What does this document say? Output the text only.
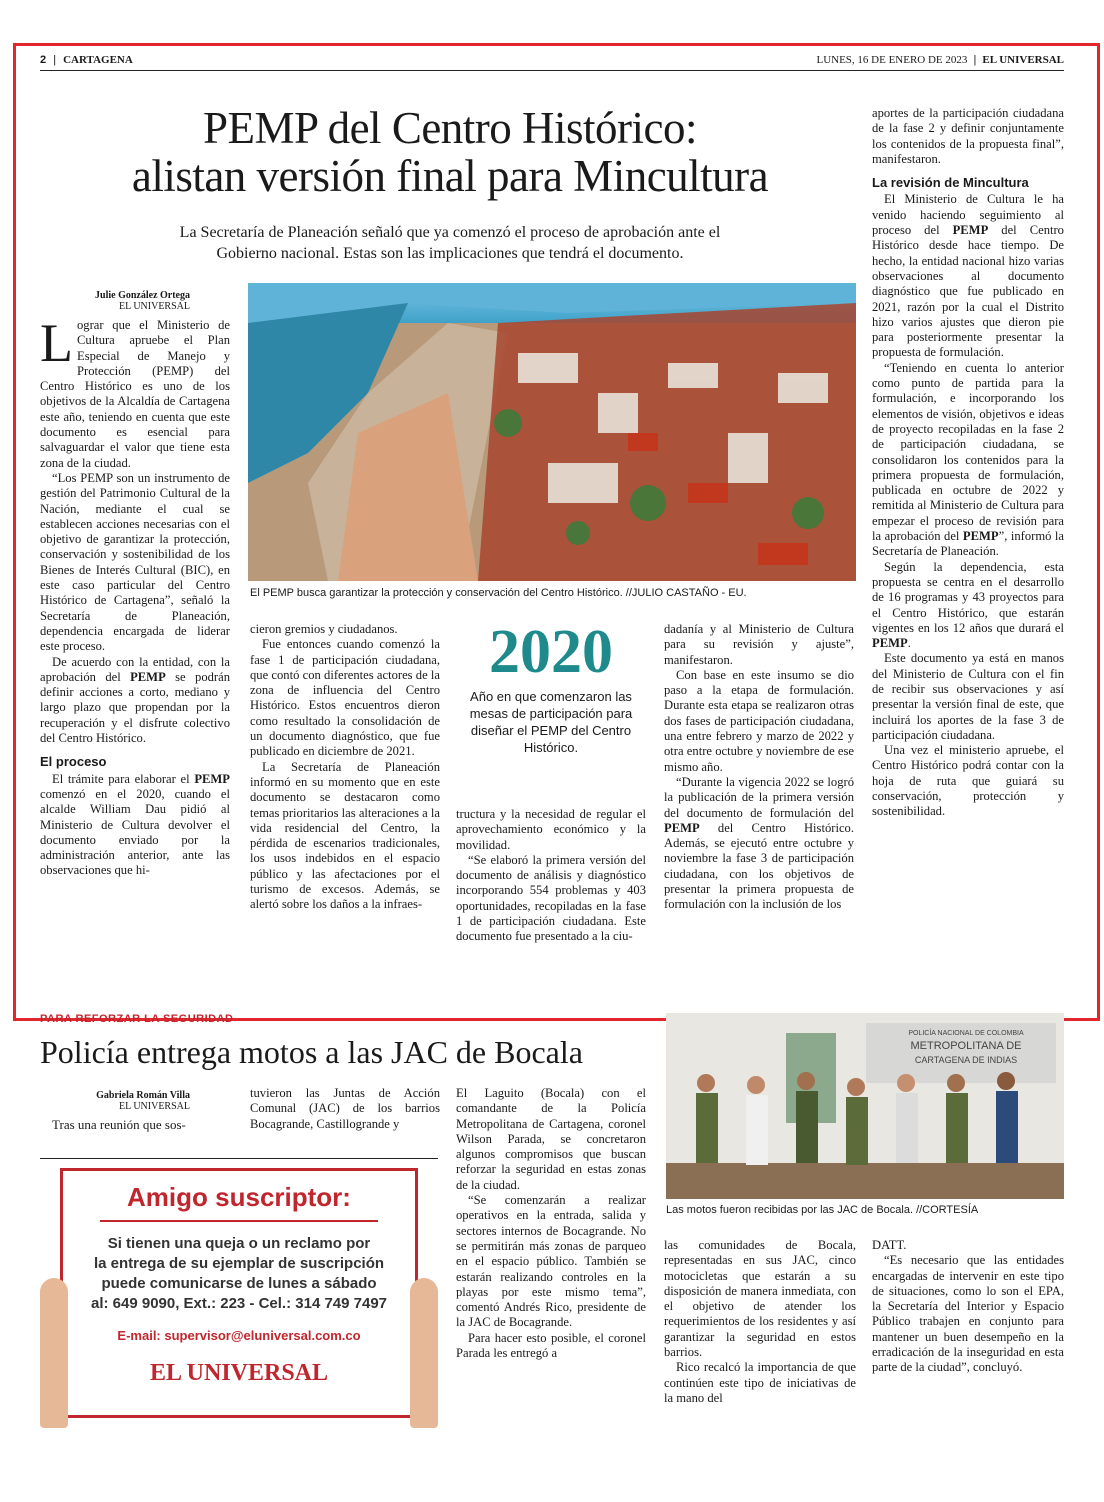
2 | CARTAGENA	LUNES, 16 DE ENERO DE 2023 | EL UNIVERSAL
PEMP del Centro Histórico:
alistan versión final para Mincultura
La Secretaría de Planeación señaló que ya comenzó el proceso de aprobación ante el
Gobierno nacional. Estas son las implicaciones que tendrá el documento.
Julie González Ortega
EL UNIVERSAL

Lograr que el Ministerio de Cultura apruebe el Plan Especial de Manejo y Protección (PEMP) del Centro Histórico es uno de los objetivos de la Alcaldía de Cartagena este año, teniendo en cuenta que este documento es esencial para salvaguardar el valor que tiene esta zona de la ciudad.

“Los PEMP son un instrumento de gestión del Patrimonio Cultural de la Nación, mediante el cual se establecen acciones necesarias con el objetivo de garantizar la protección, conservación y sostenibilidad de los Bienes de Interés Cultural (BIC), en este caso particular del Centro Histórico de Cartagena”, señaló la Secretaría de Planeación, dependencia encargada de liderar este proceso.

De acuerdo con la entidad, con la aprobación del PEMP se podrán definir acciones a corto, mediano y largo plazo que propendan por la recuperación y el disfrute colectivo del Centro Histórico.

El proceso

El trámite para elaborar el PEMP comenzó en el 2020, cuando el alcalde William Dau pidió al Ministerio de Cultura devolver el documento enviado por la administración anterior, ante las observaciones que hi-

El PEMP busca garantizar la protección y conservación del Centro Histórico. //JULIO CASTAÑO - EU.

cieron gremios y ciudadanos.

Fue entonces cuando comenzó la fase 1 de participación ciudadana, que contó con diferentes actores de la zona de influencia del Centro Histórico. Estos encuentros dieron como resultado la consolidación de un documento diagnóstico, que fue publicado en diciembre de 2021.

La Secretaría de Planeación informó en su momento que en este documento se destacaron como temas prioritarios las alteraciones a la vida residencial del Centro, la pérdida de escenarios tradicionales, los usos indebidos en el espacio público y las afectaciones por el turismo de excesos. Además, se alertó sobre los daños a la infraes-

2020
Año en que comenzaron las mesas de participación para diseñar el PEMP del Centro Histórico.

tructura y la necesidad de regular el aprovechamiento económico y la movilidad.

“Se elaboró la primera versión del documento de análisis y diagnóstico incorporando 554 problemas y 403 oportunidades, recopiladas en la fase 1 de participación ciudadana. Este documento fue presentado a la ciu-

dadanía y al Ministerio de Cultura para su revisión y ajuste”, manifestaron.

Con base en este insumo se dio paso a la etapa de formulación. Durante esta etapa se realizaron otras dos fases de participación ciudadana, una entre febrero y marzo de 2022 y otra entre octubre y noviembre de ese mismo año.

“Durante la vigencia 2022 se logró la publicación de la primera versión del documento de formulación del PEMP del Centro Histórico. Además, se ejecutó entre octubre y noviembre la fase 3 de participación ciudadana, con los objetivos de presentar la primera propuesta de formulación con la inclusión de los

aportes de la participación ciudadana de la fase 2 y definir conjuntamente los contenidos de la propuesta final”, manifestaron.

La revisión de Mincultura

El Ministerio de Cultura le ha venido haciendo seguimiento al proceso del PEMP del Centro Histórico desde hace tiempo. De hecho, la entidad nacional hizo varias observaciones al documento diagnóstico que fue publicado en 2021, razón por la cual el Distrito hizo varios ajustes que dieron pie para posteriormente presentar la propuesta de formulación.

“Teniendo en cuenta lo anterior como punto de partida para la formulación, e incorporando los elementos de visión, objetivos e ideas de proyecto recopiladas en la fase 2 de participación ciudadana, se consolidaron los contenidos para la primera propuesta de formulación, publicada en octubre de 2022 y remitida al Ministerio de Cultura para empezar el proceso de revisión para la aprobación del PEMP”, informó la Secretaría de Planeación.

Según la dependencia, esta propuesta se centra en el desarrollo de 16 programas y 43 proyectos para el Centro Histórico, que estarán vigentes en los 12 años que durará el PEMP.

Este documento ya está en manos del Ministerio de Cultura con el fin de recibir sus observaciones y así presentar la versión final de este, que incluirá los aportes de la fase 3 de participación ciudadana.

Una vez el ministerio apruebe, el Centro Histórico podrá contar con la hoja de ruta que guiará su conservación, protección y sostenibilidad.

PARA REFORZAR LA SEGURIDAD
Policía entrega motos a las JAC de Bocala
Gabriela Román Villa
EL UNIVERSAL

Tras una reunión que sos-

tuvieron las Juntas de Acción Comunal (JAC) de los barrios Bocagrande, Castillogrande y

El Laguito (Bocala) con el comandante de la Policía Metropolitana de Cartagena, coronel Wilson Parada, se concretaron algunos compromisos que buscan reforzar la seguridad en estas zonas de la ciudad.

“Se comenzarán a realizar operativos en la entrada, salida y sectores internos de Bocagrande. No se permitirán más zonas de parqueo en el espacio público. También se estarán realizando controles en la playas por este mismo tema”, comentó Andrés Rico, presidente de la JAC de Bocagrande.

Para hacer esto posible, el coronel Parada les entregó a

POLICÍA NACIONAL DE COLOMBIA
METROPOLITANA DE
CARTAGENA DE INDIAS
Las motos fueron recibidas por las JAC de Bocala. //CORTESÍA

las comunidades de Bocala, representadas en sus JAC, cinco motocicletas que estarán a su disposición de manera inmediata, con el objetivo de atender los requerimientos de los residentes y así garantizar la seguridad en estos barrios.

Rico recalcó la importancia de que continúen este tipo de iniciativas de la mano del

DATT.

“Es necesario que las entidades encargadas de intervenir en este tipo de situaciones, como lo son el EPA, la Secretaría del Interior y Espacio Público trabajen en conjunto para mantener un buen desempeño en la erradicación de la inseguridad en esta parte de la ciudad”, concluyó.

Amigo suscriptor:
Si tienen una queja o un reclamo por
la entrega de su ejemplar de suscripción
puede comunicarse de lunes a sábado
al: 649 9090, Ext.: 223 - Cel.: 314 749 7497
E-mail: supervisor@eluniversal.com.co
EL UNIVERSAL
